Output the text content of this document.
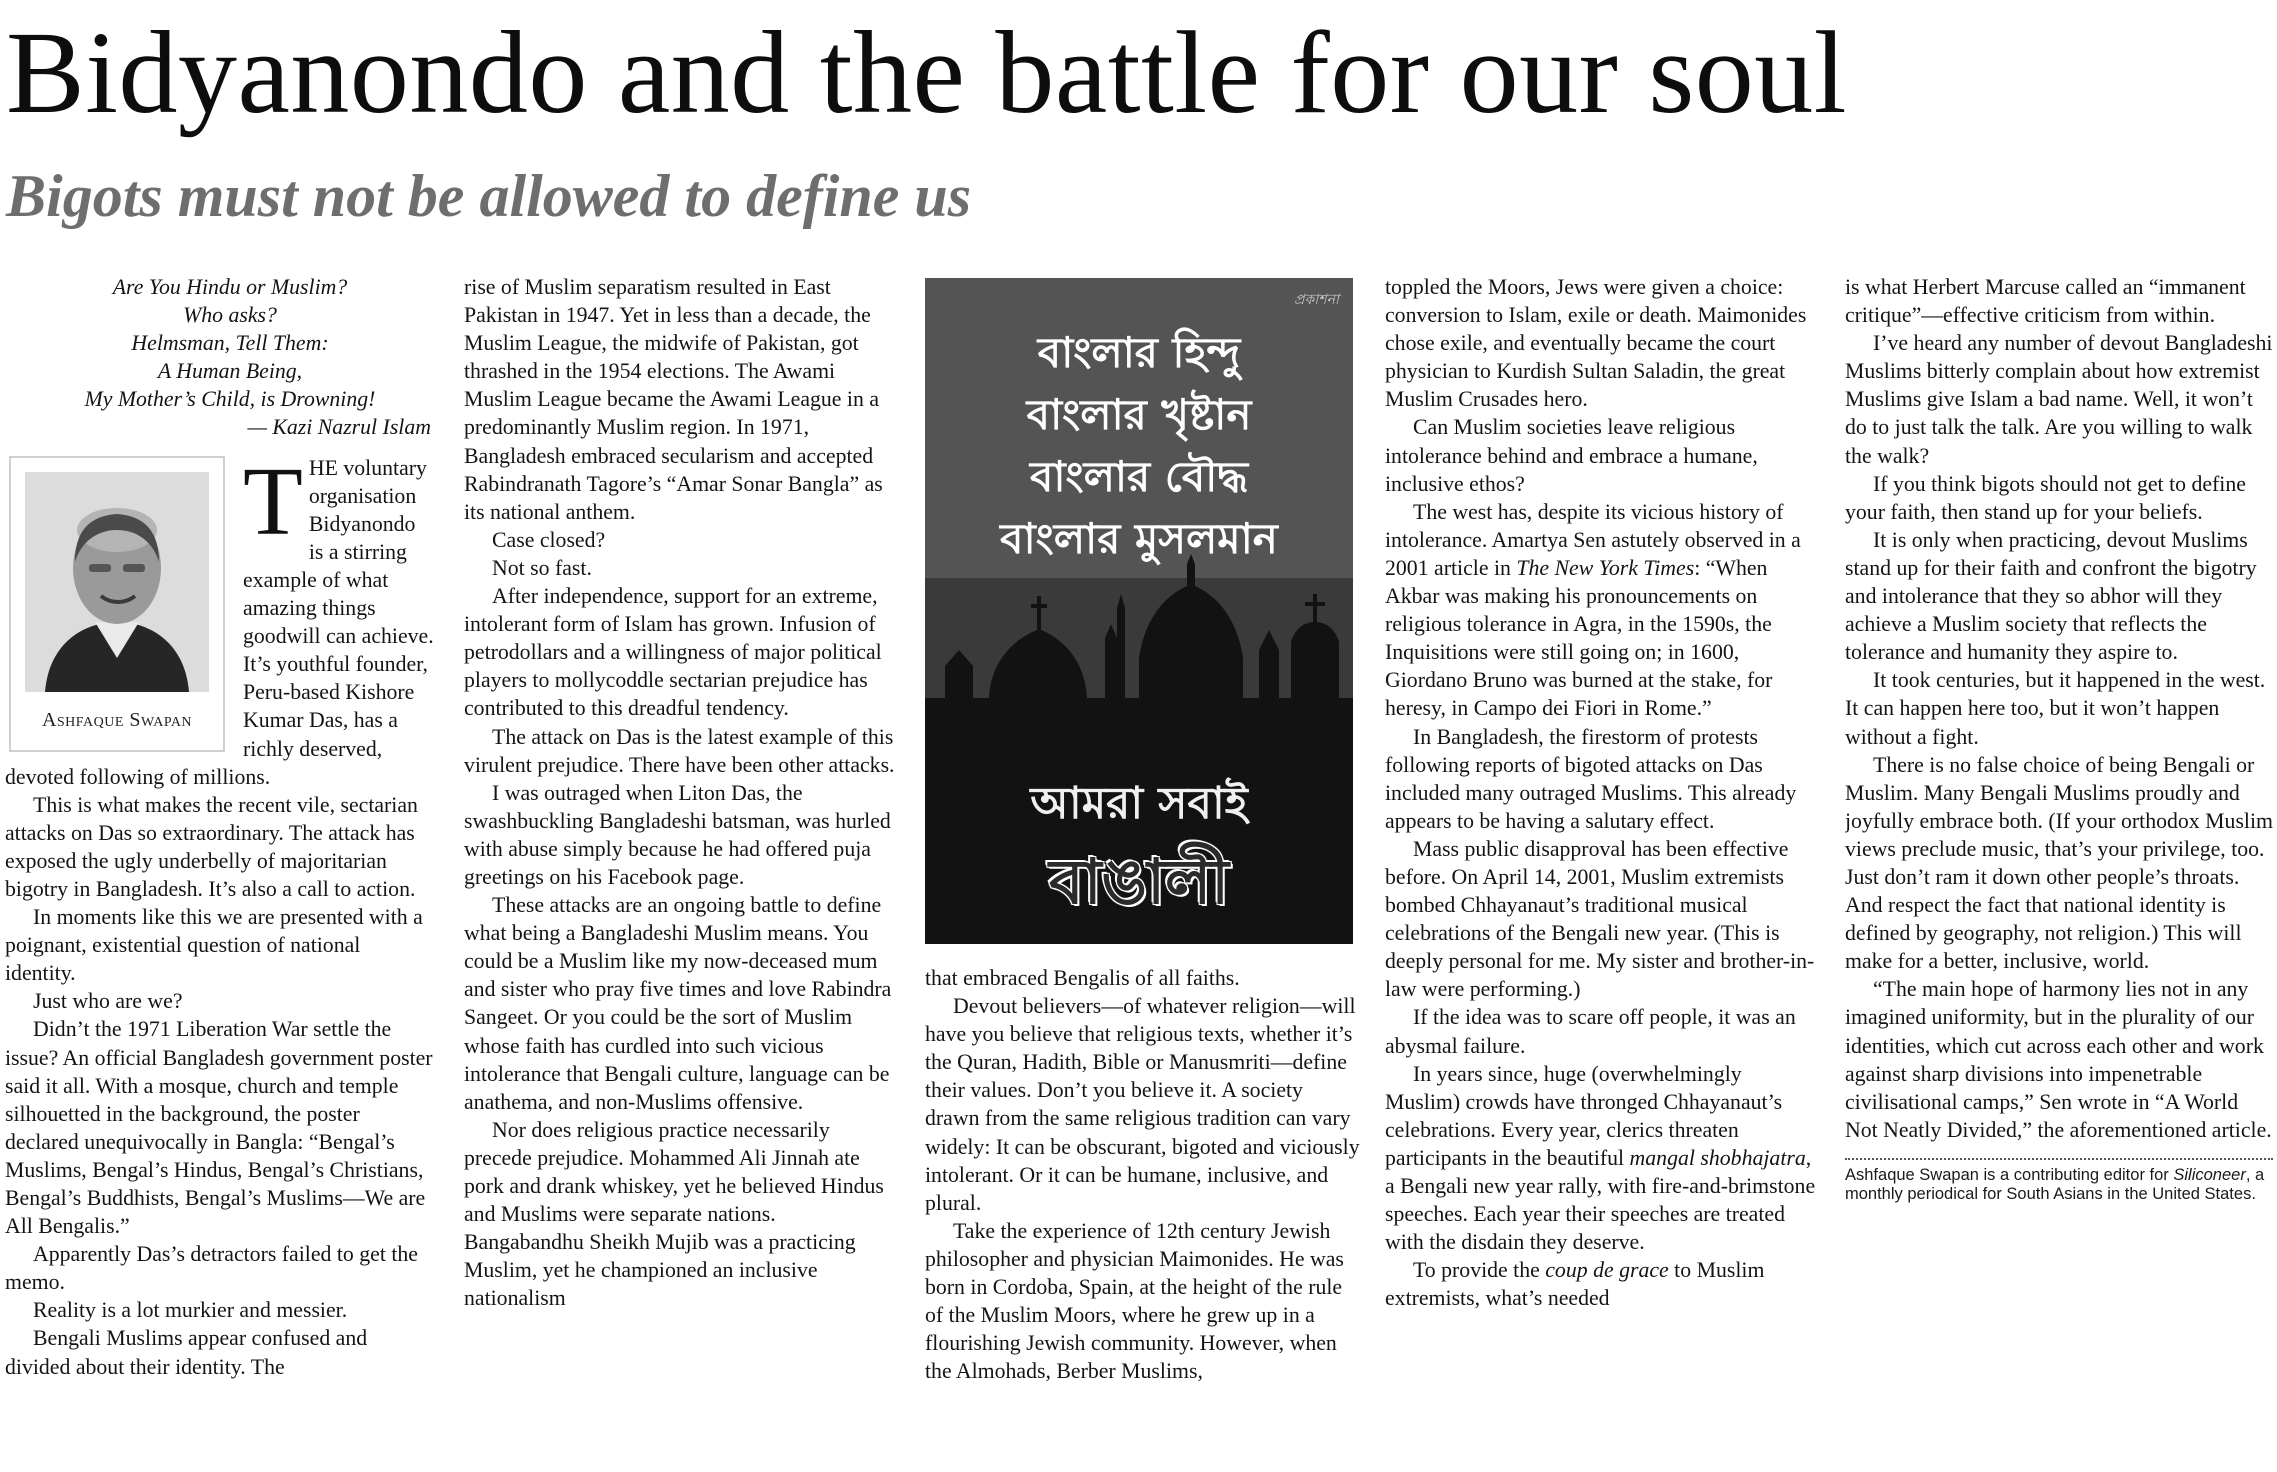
Bidyanondo and the battle for our soul
Bigots must not be allowed to define us
Are You Hindu or Muslim?
Who asks?
Helmsman, Tell Them:
A Human Being,
My Mother’s Child, is Drowning!
— Kazi Nazrul Islam
Ashfaque Swapan

THE voluntary organisation Bidyanondo is a stirring example of what amazing things goodwill can achieve. It’s youthful founder, Peru-based Kishore Kumar Das, has a richly deserved, devoted following of millions.

This is what makes the recent vile, sectarian attacks on Das so extraordinary. The attack has exposed the ugly underbelly of majoritarian bigotry in Bangladesh. It’s also a call to action.

In moments like this we are presented with a poignant, existential question of national identity.

Just who are we?

Didn’t the 1971 Liberation War settle the issue? An official Bangladesh government poster said it all. With a mosque, church and temple silhouetted in the background, the poster declared unequivocally in Bangla: “Bengal’s Muslims, Bengal’s Hindus, Bengal’s Christians, Bengal’s Buddhists, Bengal’s Muslims—We are All Bengalis.”

Apparently Das’s detractors failed to get the memo.

Reality is a lot murkier and messier.

Bengali Muslims appear confused and divided about their identity. The

rise of Muslim separatism resulted in East Pakistan in 1947. Yet in less than a decade, the Muslim League, the midwife of Pakistan, got thrashed in the 1954 elections. The Awami Muslim League became the Awami League in a predominantly Muslim region. In 1971, Bangladesh embraced secularism and accepted Rabindranath Tagore’s “Amar Sonar Bangla” as its national anthem.

Case closed?

Not so fast.

After independence, support for an extreme, intolerant form of Islam has grown. Infusion of petrodollars and a willingness of major political players to mollycoddle sectarian prejudice has contributed to this dreadful tendency.

The attack on Das is the latest example of this virulent prejudice. There have been other attacks.

I was outraged when Liton Das, the swashbuckling Bangladeshi batsman, was hurled with abuse simply because he had offered puja greetings on his Facebook page.

These attacks are an ongoing battle to define what being a Bangladeshi Muslim means. You could be a Muslim like my now-deceased mum and sister who pray five times and love Rabindra Sangeet. Or you could be the sort of Muslim whose faith has curdled into such vicious intolerance that Bengali culture, language can be anathema, and non-Muslims offensive.

Nor does religious practice necessarily precede prejudice. Mohammed Ali Jinnah ate pork and drank whiskey, yet he believed Hindus and Muslims were separate nations. Bangabandhu Sheikh Mujib was a practicing Muslim, yet he championed an inclusive nationalism

প্রকাশনা
বাংলার হিন্দু
বাংলার খৃষ্টান
বাংলার বৌদ্ধ
বাংলার মুসলমান
আমরা সবাই
বাঙালী

that embraced Bengalis of all faiths.

Devout believers—of whatever religion—will have you believe that religious texts, whether it’s the Quran, Hadith, Bible or Manusmriti—define their values. Don’t you believe it. A society drawn from the same religious tradition can vary widely: It can be obscurant, bigoted and viciously intolerant. Or it can be humane, inclusive, and plural.

Take the experience of 12th century Jewish philosopher and physician Maimonides. He was born in Cordoba, Spain, at the height of the rule of the Muslim Moors, where he grew up in a flourishing Jewish community. However, when the Almohads, Berber Muslims,

toppled the Moors, Jews were given a choice: conversion to Islam, exile or death. Maimonides chose exile, and eventually became the court physician to Kurdish Sultan Saladin, the great Muslim Crusades hero.

Can Muslim societies leave religious intolerance behind and embrace a humane, inclusive ethos?

The west has, despite its vicious history of intolerance. Amartya Sen astutely observed in a 2001 article in The New York Times: “When Akbar was making his pronouncements on religious tolerance in Agra, in the 1590s, the Inquisitions were still going on; in 1600, Giordano Bruno was burned at the stake, for heresy, in Campo dei Fiori in Rome.”

In Bangladesh, the firestorm of protests following reports of bigoted attacks on Das included many outraged Muslims. This already appears to be having a salutary effect.

Mass public disapproval has been effective before. On April 14, 2001, Muslim extremists bombed Chhayanaut’s traditional musical celebrations of the Bengali new year. (This is deeply personal for me. My sister and brother-in-law were performing.)

If the idea was to scare off people, it was an abysmal failure.

In years since, huge (overwhelmingly Muslim) crowds have thronged Chhayanaut’s celebrations. Every year, clerics threaten participants in the beautiful mangal shobhajatra, a Bengali new year rally, with fire-and-brimstone speeches. Each year their speeches are treated with the disdain they deserve.

To provide the coup de grace to Muslim extremists, what’s needed

is what Herbert Marcuse called an “immanent critique”—effective criticism from within.

I’ve heard any number of devout Bangladeshi Muslims bitterly complain about how extremist Muslims give Islam a bad name. Well, it won’t do to just talk the talk. Are you willing to walk the walk?

If you think bigots should not get to define your faith, then stand up for your beliefs.

It is only when practicing, devout Muslims stand up for their faith and confront the bigotry and intolerance that they so abhor will they achieve a Muslim society that reflects the tolerance and humanity they aspire to.

It took centuries, but it happened in the west. It can happen here too, but it won’t happen without a fight.

There is no false choice of being Bengali or Muslim. Many Bengali Muslims proudly and joyfully embrace both. (If your orthodox Muslim views preclude music, that’s your privilege, too. Just don’t ram it down other people’s throats. And respect the fact that national identity is defined by geography, not religion.) This will make for a better, inclusive, world.

“The main hope of harmony lies not in any imagined uniformity, but in the plurality of our identities, which cut across each other and work against sharp divisions into impenetrable civilisational camps,” Sen wrote in “A World Not Neatly Divided,” the aforementioned article.

Ashfaque Swapan is a contributing editor for Siliconeer, a monthly periodical for South Asians in the United States.
